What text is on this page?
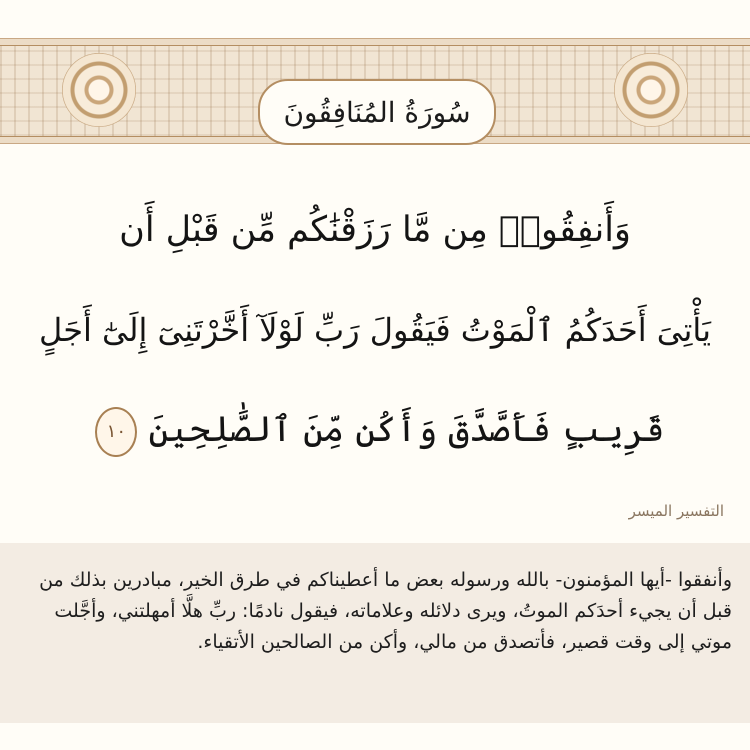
سُورَةُ المُنَافِقُونَ
وَأَنفِقُوا۟ مِن مَّا رَزَقْنَٰكُم مِّن قَبْلِ أَن
يَأْتِىَ أَحَدَكُمُ ٱلْمَوْتُ فَيَقُولَ رَبِّ لَوْلَآ أَخَّرْتَنِىٓ إِلَىٰٓ أَجَلٍ
قَرِيبٍ فَأَصَّدَّقَ وَأَكُن مِّنَ ٱلصَّٰلِحِينَ ١٠
التفسير الميسر
وأنفقوا -أيها المؤمنون- بالله ورسوله بعض ما أعطيناكم في طرق الخير، مبادرين بذلك من قبل أن يجيء أحدَكم الموتُ، ويرى دلائله وعلاماته، فيقول نادمًا: ربِّ هلَّا أمهلتني، وأجَّلت موتي إلى وقت قصير، فأتصدق من مالي، وأكن من الصالحين الأتقياء.
